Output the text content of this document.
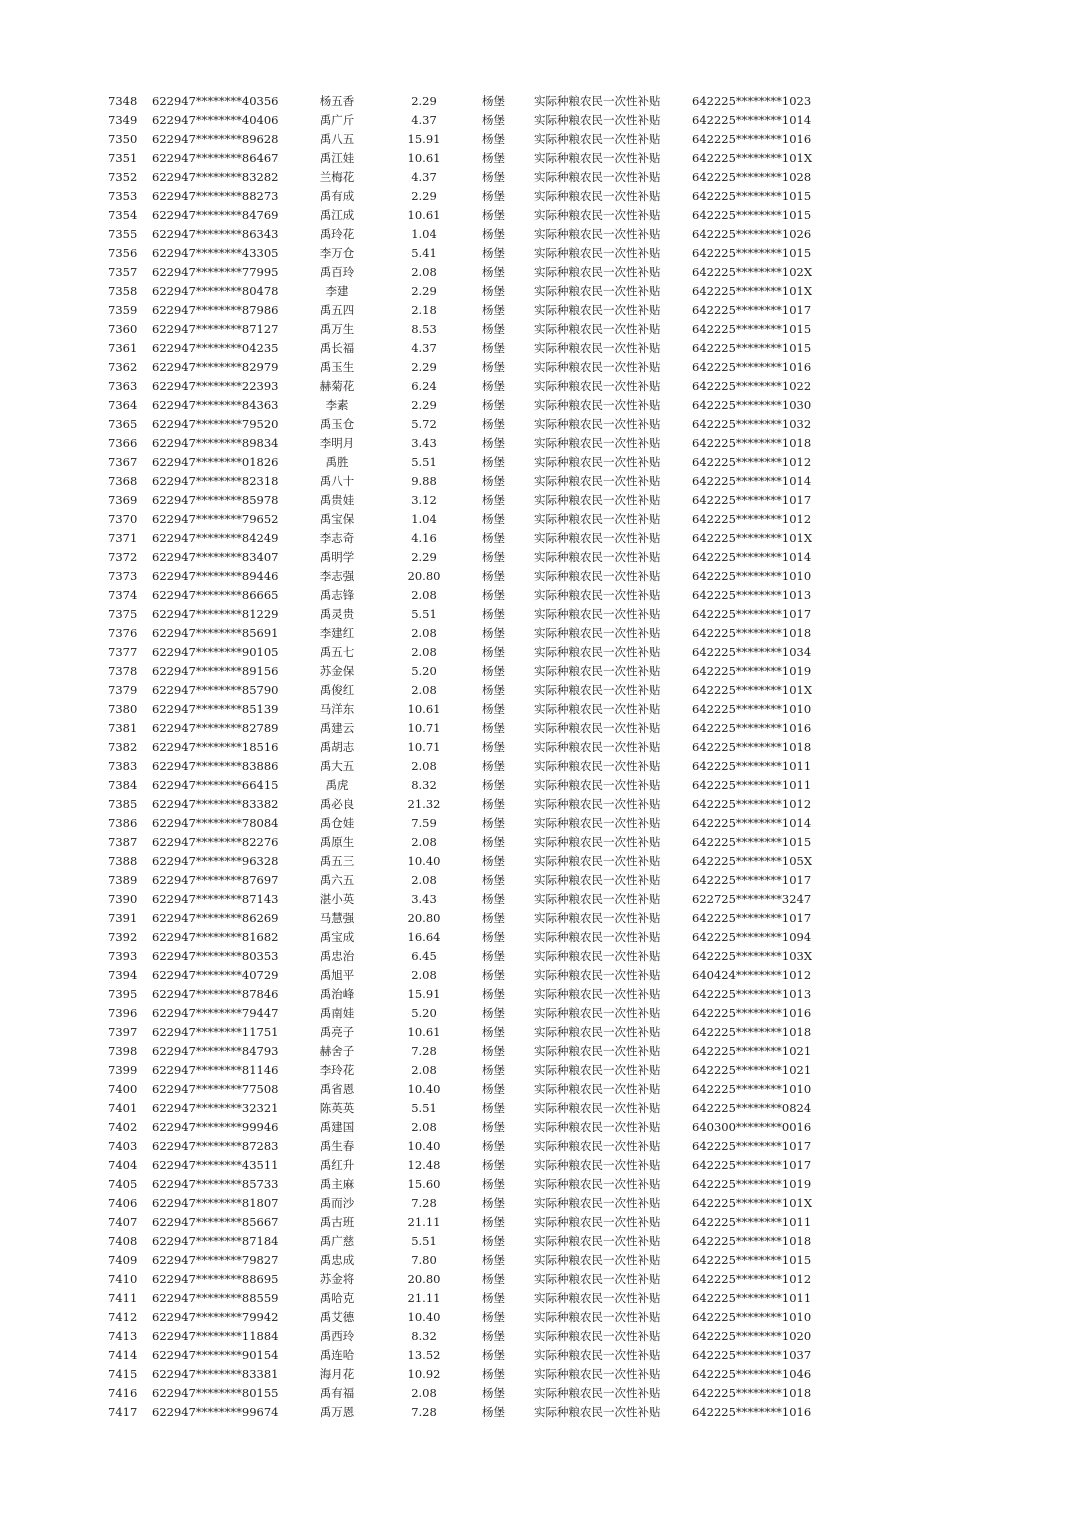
7348	622947********40356	杨五香	2.29	杨堡	实际种粮农民一次性补贴	642225********1023
7349	622947********40406	禹广斤	4.37	杨堡	实际种粮农民一次性补贴	642225********1014
7350	622947********89628	禹八五	15.91	杨堡	实际种粮农民一次性补贴	642225********1016
7351	622947********86467	禹江娃	10.61	杨堡	实际种粮农民一次性补贴	642225********101X
7352	622947********83282	兰梅花	4.37	杨堡	实际种粮农民一次性补贴	642225********1028
7353	622947********88273	禹有成	2.29	杨堡	实际种粮农民一次性补贴	642225********1015
7354	622947********84769	禹江成	10.61	杨堡	实际种粮农民一次性补贴	642225********1015
7355	622947********86343	禹玲花	1.04	杨堡	实际种粮农民一次性补贴	642225********1026
7356	622947********43305	李万仓	5.41	杨堡	实际种粮农民一次性补贴	642225********1015
7357	622947********77995	禹百玲	2.08	杨堡	实际种粮农民一次性补贴	642225********102X
7358	622947********80478	李建	2.29	杨堡	实际种粮农民一次性补贴	642225********101X
7359	622947********87986	禹五四	2.18	杨堡	实际种粮农民一次性补贴	642225********1017
7360	622947********87127	禹万生	8.53	杨堡	实际种粮农民一次性补贴	642225********1015
7361	622947********04235	禹长福	4.37	杨堡	实际种粮农民一次性补贴	642225********1015
7362	622947********82979	禹玉生	2.29	杨堡	实际种粮农民一次性补贴	642225********1016
7363	622947********22393	赫菊花	6.24	杨堡	实际种粮农民一次性补贴	642225********1022
7364	622947********84363	李素	2.29	杨堡	实际种粮农民一次性补贴	642225********1030
7365	622947********79520	禹玉仓	5.72	杨堡	实际种粮农民一次性补贴	642225********1032
7366	622947********89834	李明月	3.43	杨堡	实际种粮农民一次性补贴	642225********1018
7367	622947********01826	禹胜	5.51	杨堡	实际种粮农民一次性补贴	642225********1012
7368	622947********82318	禹八十	9.88	杨堡	实际种粮农民一次性补贴	642225********1014
7369	622947********85978	禹贵娃	3.12	杨堡	实际种粮农民一次性补贴	642225********1017
7370	622947********79652	禹宝保	1.04	杨堡	实际种粮农民一次性补贴	642225********1012
7371	622947********84249	李志奇	4.16	杨堡	实际种粮农民一次性补贴	642225********101X
7372	622947********83407	禹明学	2.29	杨堡	实际种粮农民一次性补贴	642225********1014
7373	622947********89446	李志强	20.80	杨堡	实际种粮农民一次性补贴	642225********1010
7374	622947********86665	禹志锋	2.08	杨堡	实际种粮农民一次性补贴	642225********1013
7375	622947********81229	禹灵贵	5.51	杨堡	实际种粮农民一次性补贴	642225********1017
7376	622947********85691	李建红	2.08	杨堡	实际种粮农民一次性补贴	642225********1018
7377	622947********90105	禹五七	2.08	杨堡	实际种粮农民一次性补贴	642225********1034
7378	622947********89156	苏金保	5.20	杨堡	实际种粮农民一次性补贴	642225********1019
7379	622947********85790	禹俊红	2.08	杨堡	实际种粮农民一次性补贴	642225********101X
7380	622947********85139	马洋东	10.61	杨堡	实际种粮农民一次性补贴	642225********1010
7381	622947********82789	禹建云	10.71	杨堡	实际种粮农民一次性补贴	642225********1016
7382	622947********18516	禹胡志	10.71	杨堡	实际种粮农民一次性补贴	642225********1018
7383	622947********83886	禹大五	2.08	杨堡	实际种粮农民一次性补贴	642225********1011
7384	622947********66415	禹虎	8.32	杨堡	实际种粮农民一次性补贴	642225********1011
7385	622947********83382	禹必良	21.32	杨堡	实际种粮农民一次性补贴	642225********1012
7386	622947********78084	禹仓娃	7.59	杨堡	实际种粮农民一次性补贴	642225********1014
7387	622947********82276	禹原生	2.08	杨堡	实际种粮农民一次性补贴	642225********1015
7388	622947********96328	禹五三	10.40	杨堡	实际种粮农民一次性补贴	642225********105X
7389	622947********87697	禹六五	2.08	杨堡	实际种粮农民一次性补贴	642225********1017
7390	622947********87143	湛小英	3.43	杨堡	实际种粮农民一次性补贴	622725********3247
7391	622947********86269	马慧强	20.80	杨堡	实际种粮农民一次性补贴	642225********1017
7392	622947********81682	禹宝成	16.64	杨堡	实际种粮农民一次性补贴	642225********1094
7393	622947********80353	禹忠治	6.45	杨堡	实际种粮农民一次性补贴	642225********103X
7394	622947********40729	禹旭平	2.08	杨堡	实际种粮农民一次性补贴	640424********1012
7395	622947********87846	禹治峰	15.91	杨堡	实际种粮农民一次性补贴	642225********1013
7396	622947********79447	禹南娃	5.20	杨堡	实际种粮农民一次性补贴	642225********1016
7397	622947********11751	禹亮子	10.61	杨堡	实际种粮农民一次性补贴	642225********1018
7398	622947********84793	赫舍子	7.28	杨堡	实际种粮农民一次性补贴	642225********1021
7399	622947********81146	李玲花	2.08	杨堡	实际种粮农民一次性补贴	642225********1021
7400	622947********77508	禹省恩	10.40	杨堡	实际种粮农民一次性补贴	642225********1010
7401	622947********32321	陈英英	5.51	杨堡	实际种粮农民一次性补贴	642225********0824
7402	622947********99946	禹建国	2.08	杨堡	实际种粮农民一次性补贴	640300********0016
7403	622947********87283	禹生春	10.40	杨堡	实际种粮农民一次性补贴	642225********1017
7404	622947********43511	禹红升	12.48	杨堡	实际种粮农民一次性补贴	642225********1017
7405	622947********85733	禹主麻	15.60	杨堡	实际种粮农民一次性补贴	642225********1019
7406	622947********81807	禹而沙	7.28	杨堡	实际种粮农民一次性补贴	642225********101X
7407	622947********85667	禹古班	21.11	杨堡	实际种粮农民一次性补贴	642225********1011
7408	622947********87184	禹广慈	5.51	杨堡	实际种粮农民一次性补贴	642225********1018
7409	622947********79827	禹忠成	7.80	杨堡	实际种粮农民一次性补贴	642225********1015
7410	622947********88695	苏金将	20.80	杨堡	实际种粮农民一次性补贴	642225********1012
7411	622947********88559	禹哈克	21.11	杨堡	实际种粮农民一次性补贴	642225********1011
7412	622947********79942	禹艾德	10.40	杨堡	实际种粮农民一次性补贴	642225********1010
7413	622947********11884	禹西玲	8.32	杨堡	实际种粮农民一次性补贴	642225********1020
7414	622947********90154	禹连哈	13.52	杨堡	实际种粮农民一次性补贴	642225********1037
7415	622947********83381	海月花	10.92	杨堡	实际种粮农民一次性补贴	642225********1046
7416	622947********80155	禹有福	2.08	杨堡	实际种粮农民一次性补贴	642225********1018
7417	622947********99674	禹万恩	7.28	杨堡	实际种粮农民一次性补贴	642225********1016
